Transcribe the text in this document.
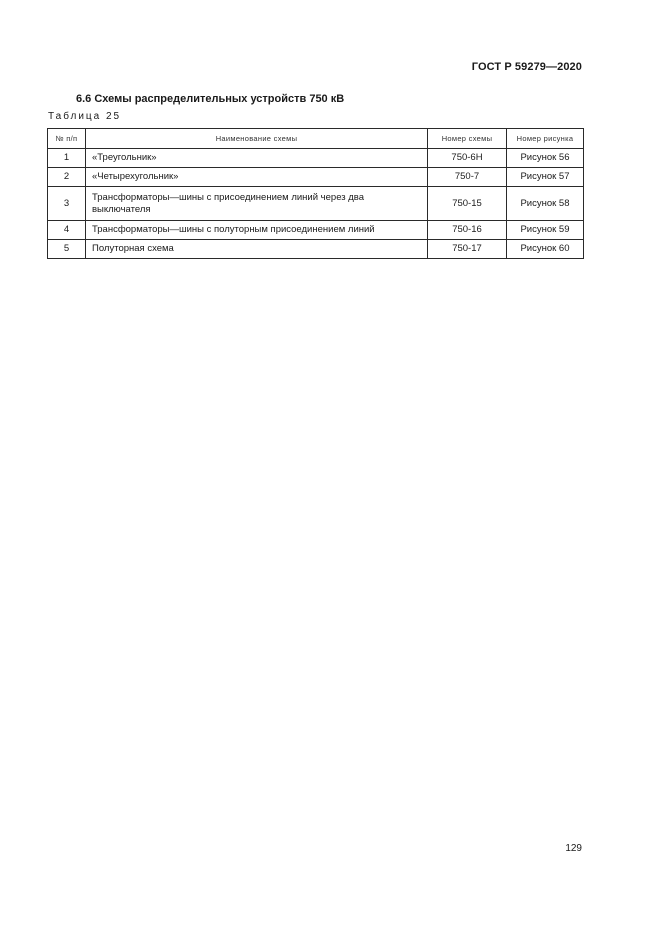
ГОСТ Р 59279—2020
6.6 Схемы распределительных устройств 750 кВ
Таблица 25
№ п/п	Наименование схемы	Номер схемы	Номер рисунка
1	«Треугольник»	750-6Н	Рисунок 56
2	«Четырехугольник»	750-7	Рисунок 57
3	Трансформаторы—шины с присоединением линий через два выключателя	750-15	Рисунок 58
4	Трансформаторы—шины с полуторным присоединением линий	750-16	Рисунок 59
5	Полуторная схема	750-17	Рисунок 60
129
